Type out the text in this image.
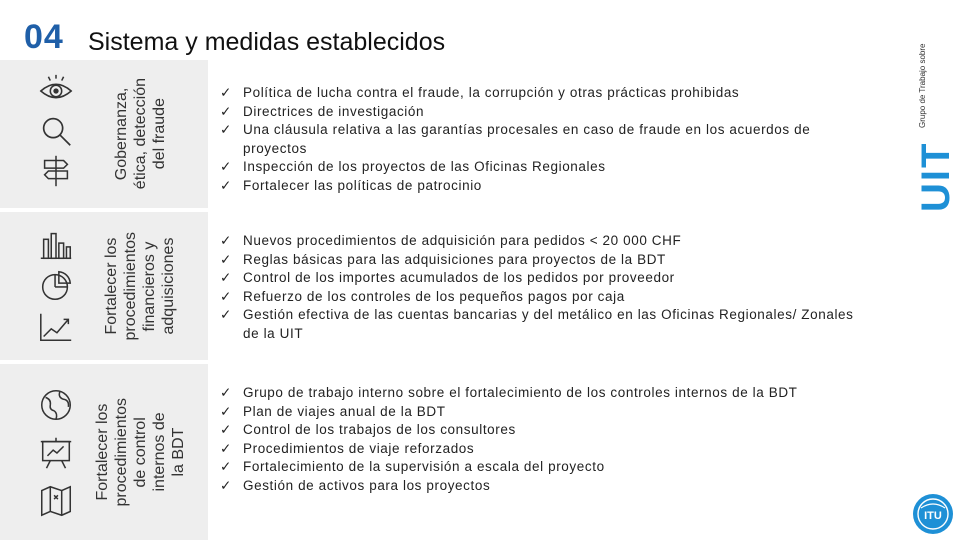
04 Sistema y medidas establecidos
Gobernanza,
ética, detección
del fraude
✓ Política de lucha contra el fraude, la corrupción y otras prácticas prohibidas
✓ Directrices de investigación
✓ Una cláusula relativa a las garantías procesales en caso de fraude en los acuerdos de proyectos
✓ Inspección de los proyectos de las Oficinas Regionales
✓ Fortalecer las políticas de patrocinio
Fortalecer los
procedimientos
financieros y
adquisiciones	✓ Nuevos procedimientos de adquisición para pedidos < 20 000 CHF
✓ Reglas básicas para las adquisiciones para proyectos de la BDT
✓ Control de los importes acumulados de los pedidos por proveedor
✓ Refuerzo de los controles de los pequeños pagos por caja
✓ Gestión efectiva de las cuentas bancarias y del metálico en las Oficinas Regionales/ Zonales de la UIT
Fortalecer los
procedimientos
de control
internos de
la BDT
✓ Grupo de trabajo interno sobre el fortalecimiento de los controles internos de la BDT
✓ Plan de viajes anual de la BDT
✓ Control de los trabajos de los consultores
✓ Procedimientos de viaje reforzados
✓ Fortalecimiento de la supervisión a escala del proyecto
✓ Gestión de activos para los proyectos
Grupo de Trabajo sobre
UIT
ITU
